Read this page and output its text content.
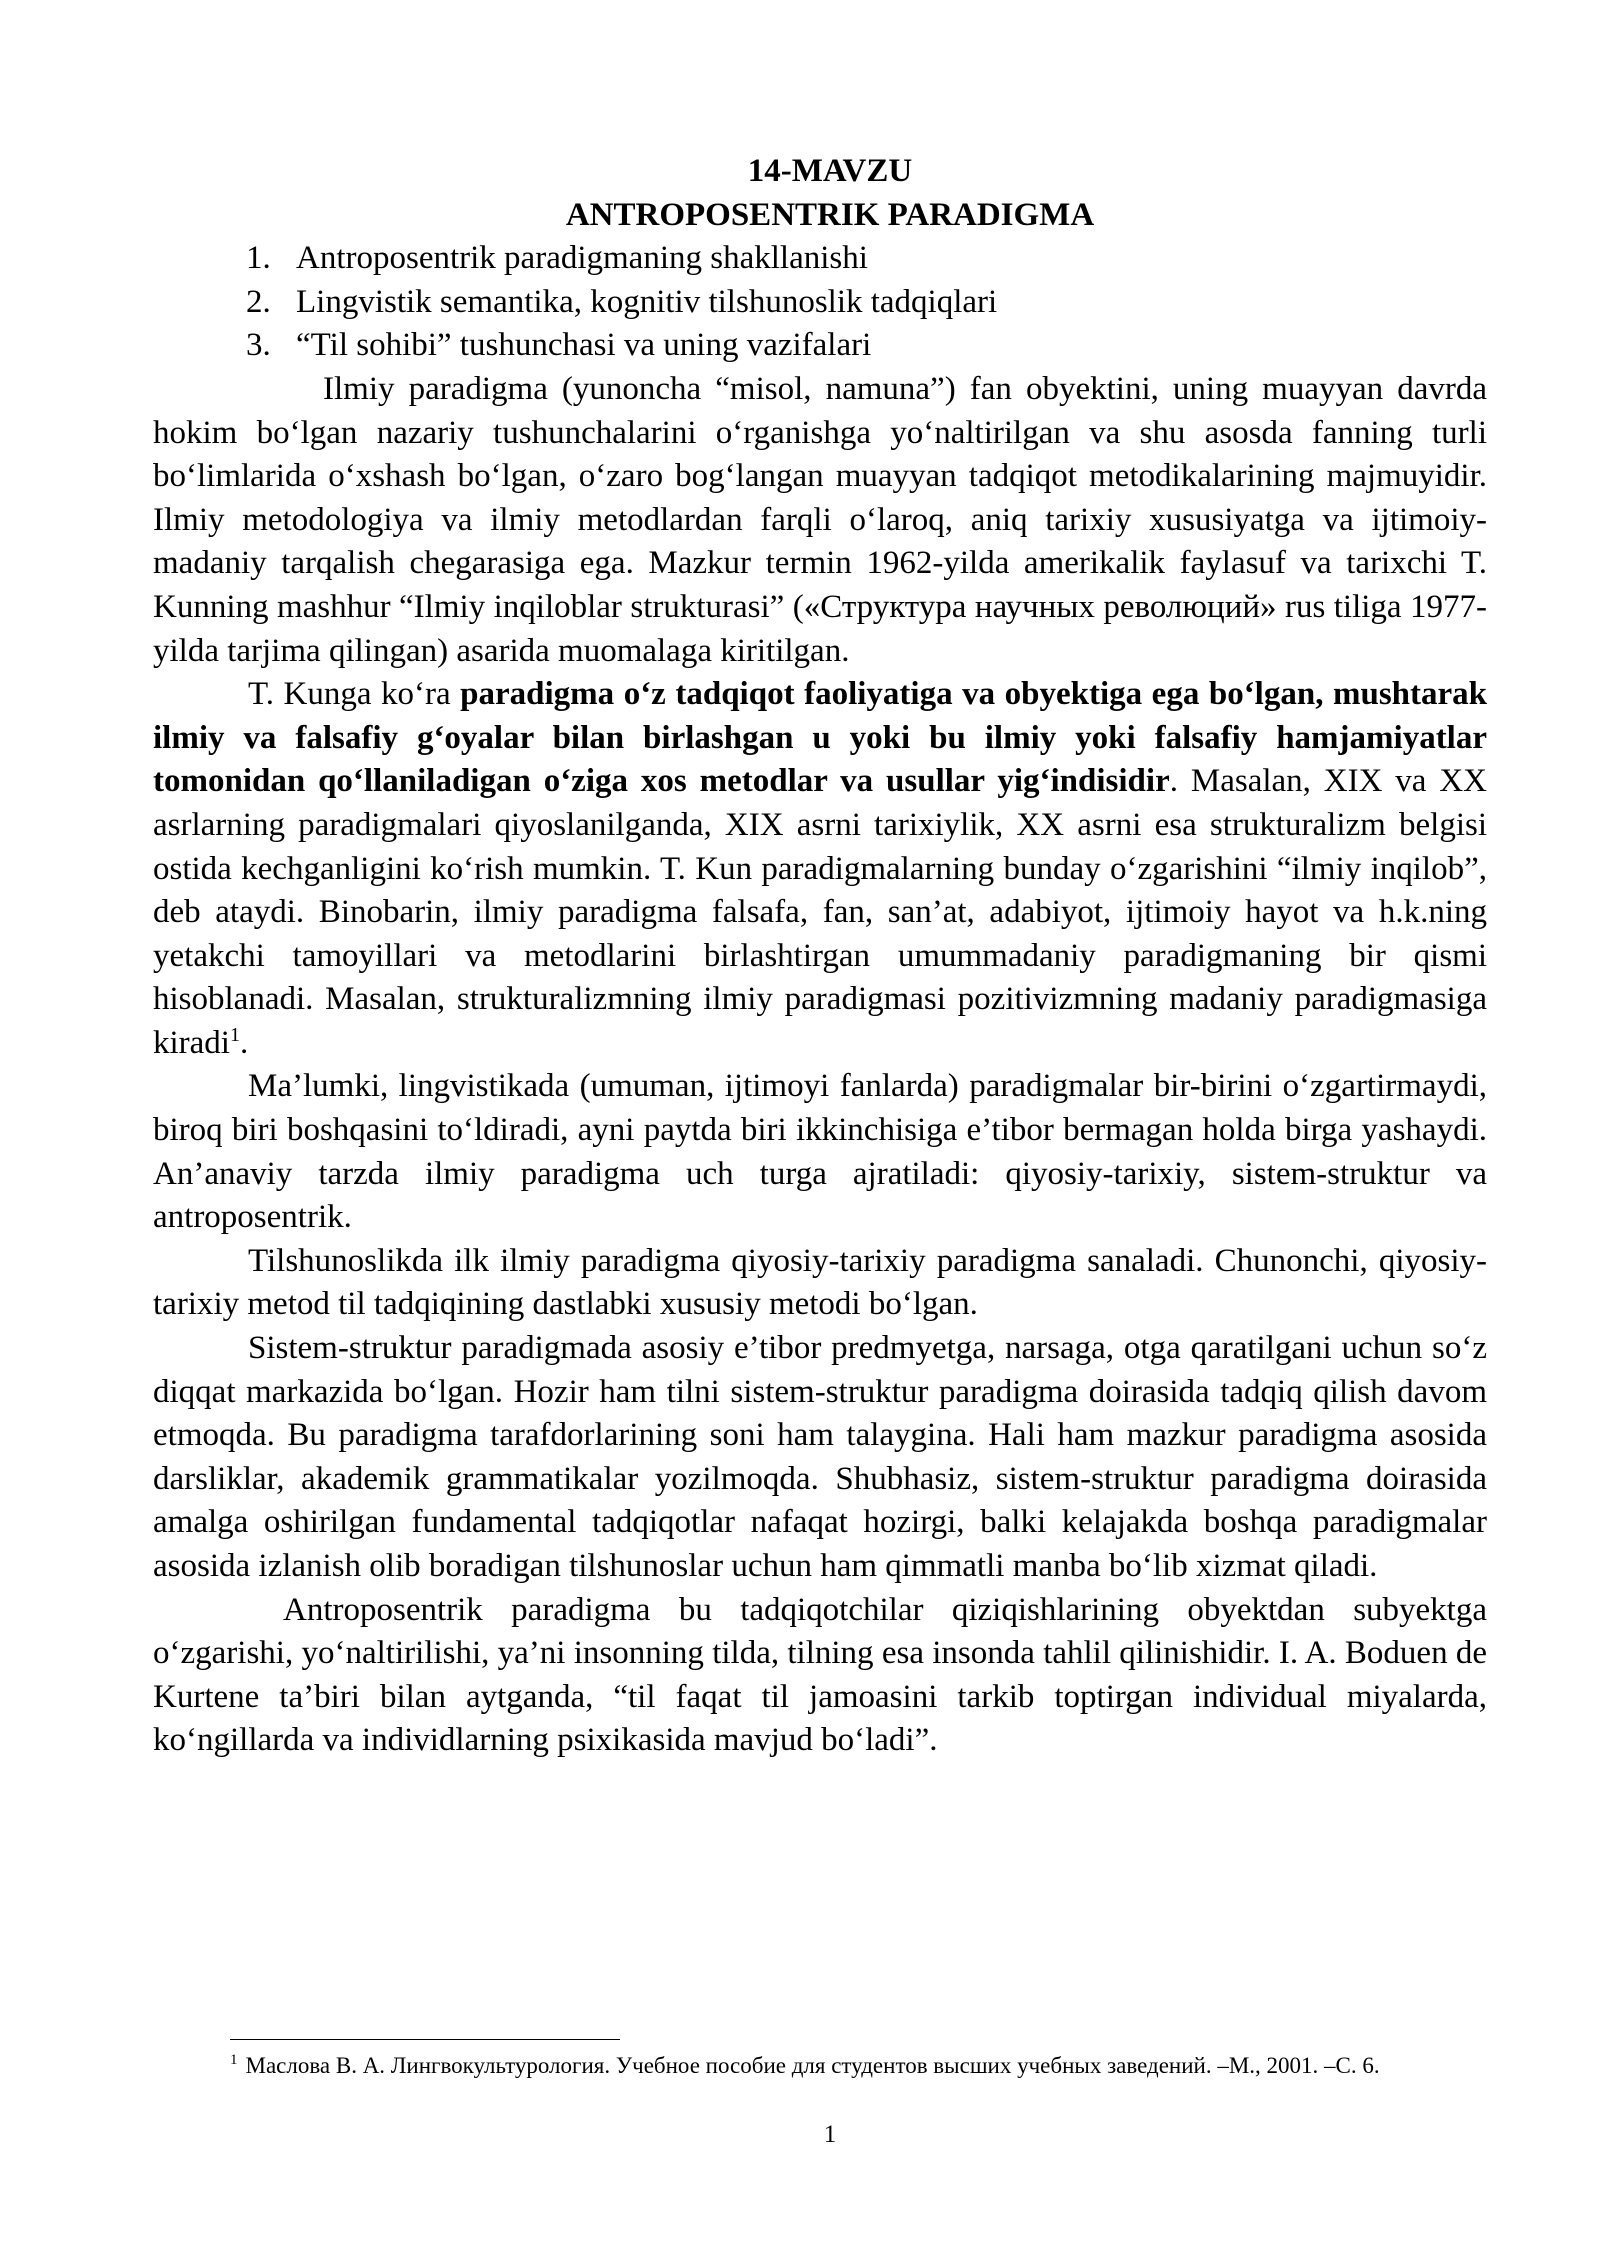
14-MAVZU

ANTROPOSENTRIK PARADIGMA

1. Antroposentrik paradigmaning shakllanishi
2. Lingvistik semantika, kognitiv tilshunoslik tadqiqlari
3. “Til sohibi” tushunchasi va uning vazifalari

Ilmiy paradigma (yunoncha “misol, namuna”) fan obyektini, uning muayyan davrda hokim boʻlgan nazariy tushunchalarini oʻrganishga yoʻnaltirilgan va shu asosda fanning turli boʻlimlarida oʻxshash boʻlgan, oʻzaro bogʻlangan muayyan tadqiqot metodikalarining majmuyidir. Ilmiy metodologiya va ilmiy metodlardan farqli oʻlaroq, aniq tarixiy xususiyatga va ijtimoiy-madaniy tarqalish chegarasiga ega. Mazkur termin 1962-yilda amerikalik faylasuf va tarixchi T. Kunning mashhur “Ilmiy inqiloblar strukturasi” («Структура научных революций» rus tiliga 1977-yilda tarjima qilingan) asarida muomalaga kiritilgan.

T. Kunga koʻra paradigma oʻz tadqiqot faoliyatiga va obyektiga ega boʻlgan, mushtarak ilmiy va falsafiy gʻoyalar bilan birlashgan u yoki bu ilmiy yoki falsafiy hamjamiyatlar tomonidan qoʻllaniladigan oʻziga xos metodlar va usullar yigʻindisidir. Masalan, XIX va XX asrlarning paradigmalari qiyoslanilganda, XIX asrni tarixiylik, XX asrni esa strukturalizm belgisi ostida kechganligini koʻrish mumkin. T. Kun paradigmalarning bunday oʻzgarishini “ilmiy inqilob”, deb ataydi. Binobarin, ilmiy paradigma falsafa, fan, san’at, adabiyot, ijtimoiy hayot va h.k.ning yetakchi tamoyillari va metodlarini birlashtirgan umummadaniy paradigmaning bir qismi hisoblanadi. Masalan, strukturalizmning ilmiy paradigmasi pozitivizmning madaniy paradigmasiga kiradi$^1$.

Ma’lumki, lingvistikada (umuman, ijtimoyi fanlarda) paradigmalar bir-birini oʻzgartirmaydi, biroq biri boshqasini toʻldiradi, ayni paytda biri ikkinchisiga e’tibor bermagan holda birga yashaydi. An’anaviy tarzda ilmiy paradigma uch turga ajratiladi: qiyosiy-tarixiy, sistem-struktur va antroposentrik.

Tilshunoslikda ilk ilmiy paradigma qiyosiy-tarixiy paradigma sanaladi. Chunonchi, qiyosiy-tarixiy metod til tadqiqining dastlabki xususiy metodi boʻlgan.

Sistem-struktur paradigmada asosiy e’tibor predmyetga, narsaga, otga qaratilgani uchun soʻz diqqat markazida boʻlgan. Hozir ham tilni sistem-struktur paradigma doirasida tadqiq qilish davom etmoqda. Bu paradigma tarafdorlarining soni ham talaygina. Hali ham mazkur paradigma asosida darsliklar, akademik grammatikalar yozilmoqda. Shubhasiz, sistem-struktur paradigma doirasida amalga oshirilgan fundamental tadqiqotlar nafaqat hozirgi, balki kelajakda boshqa paradigmalar asosida izlanish olib boradigan tilshunoslar uchun ham qimmatli manba boʻlib xizmat qiladi.

Antroposentrik paradigma bu tadqiqotchilar qiziqishlarining obyektdan subyektga oʻzgarishi, yoʻnaltirilishi, ya’ni insonning tilda, tilning esa insonda tahlil qilinishidir. I. A. Boduen de Kurtene ta’biri bilan aytganda, “til faqat til jamoasini tarkib toptirgan individual miyalarda, koʻngillarda va individlarning psixikasida mavjud boʻladi”.

$^1$ Маслова В. А. Лингвокультурология. Учебное пособие для студентов высших учебных заведений. –М., 2001. –С. 6.
1
